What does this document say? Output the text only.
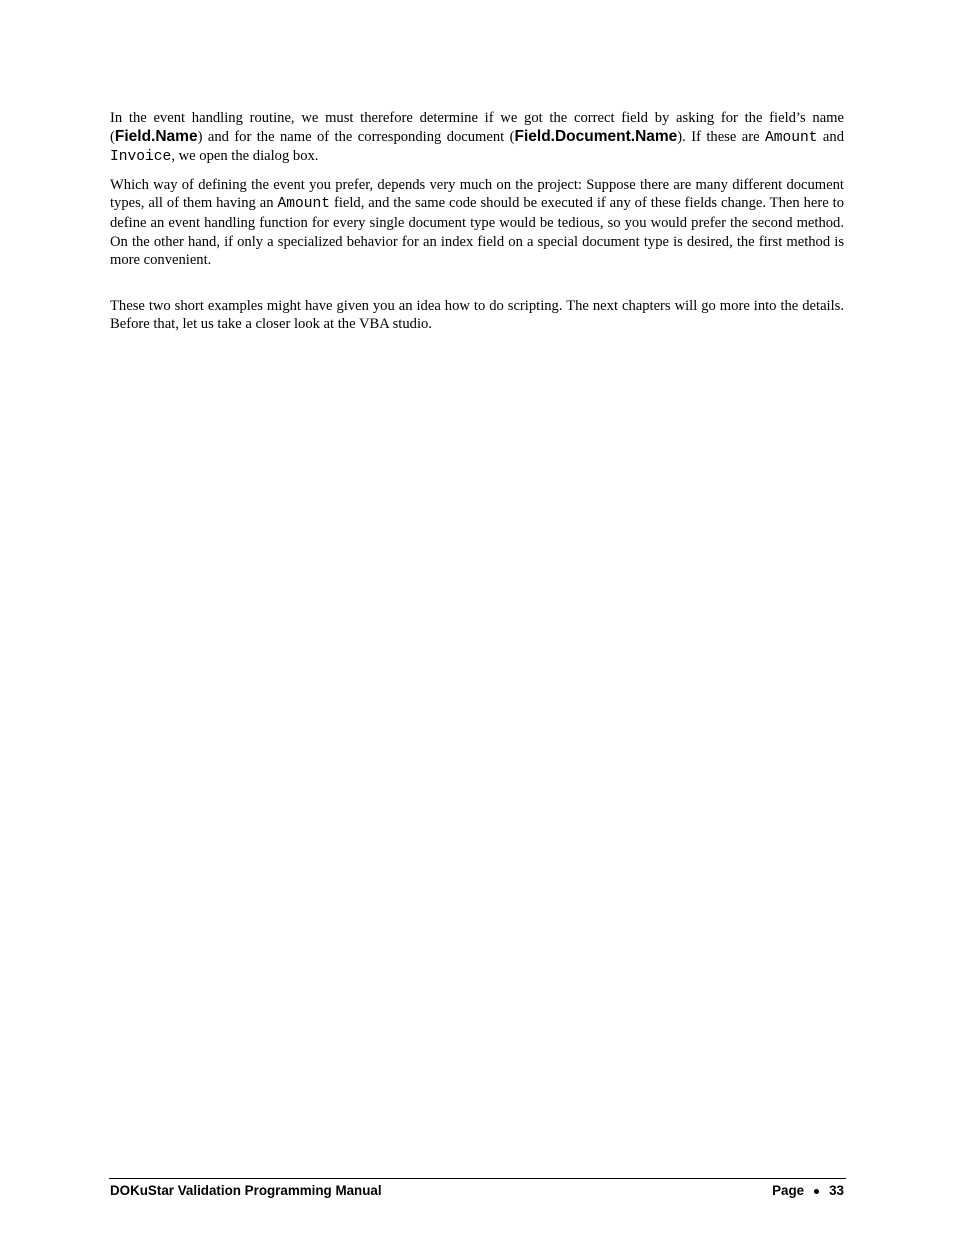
In the event handling routine, we must therefore determine if we got the correct field by asking for the field’s name (Field.Name) and for the name of the corresponding document (Field.Document.Name). If these are Amount and Invoice, we open the dialog box.

Which way of defining the event you prefer, depends very much on the project: Suppose there are many different document types, all of them having an Amount field, and the same code should be executed if any of these fields change. Then here to define an event handling function for every single document type would be tedious, so you would prefer the second method. On the other hand, if only a specialized behavior for an index field on a special document type is desired, the first method is more convenient.

These two short examples might have given you an idea how to do scripting. The next chapters will go more into the details. Before that, let us take a closer look at the VBA studio.

DOKuStar Validation Programming Manual	Page 33
